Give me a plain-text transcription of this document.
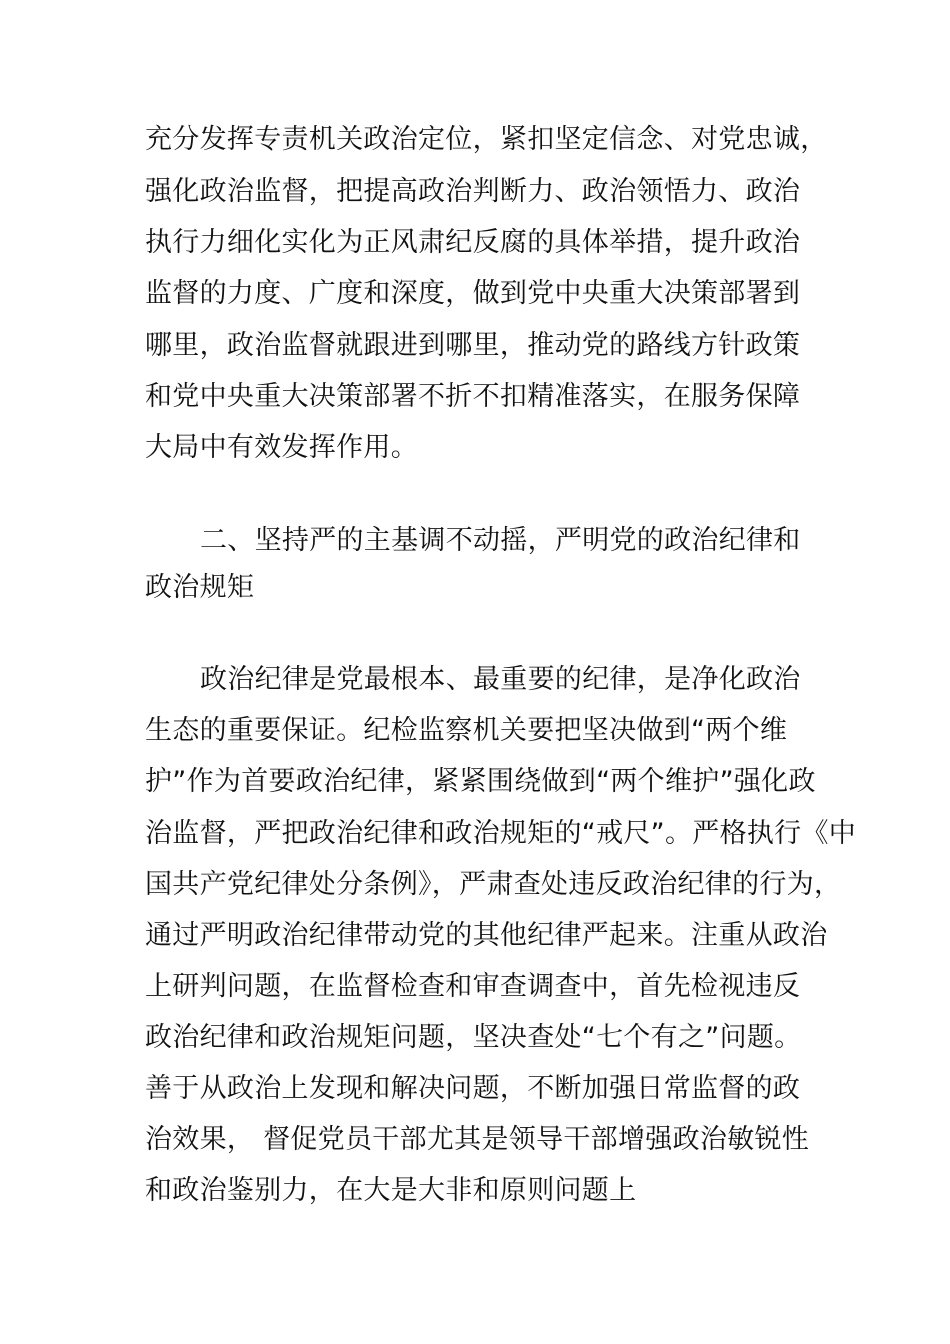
充分发挥专责机关政治定位，紧扣坚定信念、对党忠诚，
强化政治监督，把提高政治判断力、政治领悟力、政治
执行力细化实化为正风肃纪反腐的具体举措，提升政治
监督的力度、广度和深度，做到党中央重大决策部署到
哪里，政治监督就跟进到哪里，推动党的路线方针政策
和党中央重大决策部署不折不扣精准落实，在服务保障
大局中有效发挥作用。
二、坚持严的主基调不动摇，严明党的政治纪律和
政治规矩
政治纪律是党最根本、最重要的纪律，是净化政治
生态的重要保证。纪检监察机关要把坚决做到“两个维
护”作为首要政治纪律，紧紧围绕做到“两个维护”强化政
治监督，严把政治纪律和政治规矩的“戒尺”。严格执行《中
国共产党纪律处分条例》，严肃查处违反政治纪律的行为，
通过严明政治纪律带动党的其他纪律严起来。注重从政治
上研判问题，在监督检查和审查调查中，首先检视违反
政治纪律和政治规矩问题，坚决查处“七个有之”问题。
善于从政治上发现和解决问题，不断加强日常监督的政
治效果， 督促党员干部尤其是领导干部增强政治敏锐性
和政治鉴别力，在大是大非和原则问题上
